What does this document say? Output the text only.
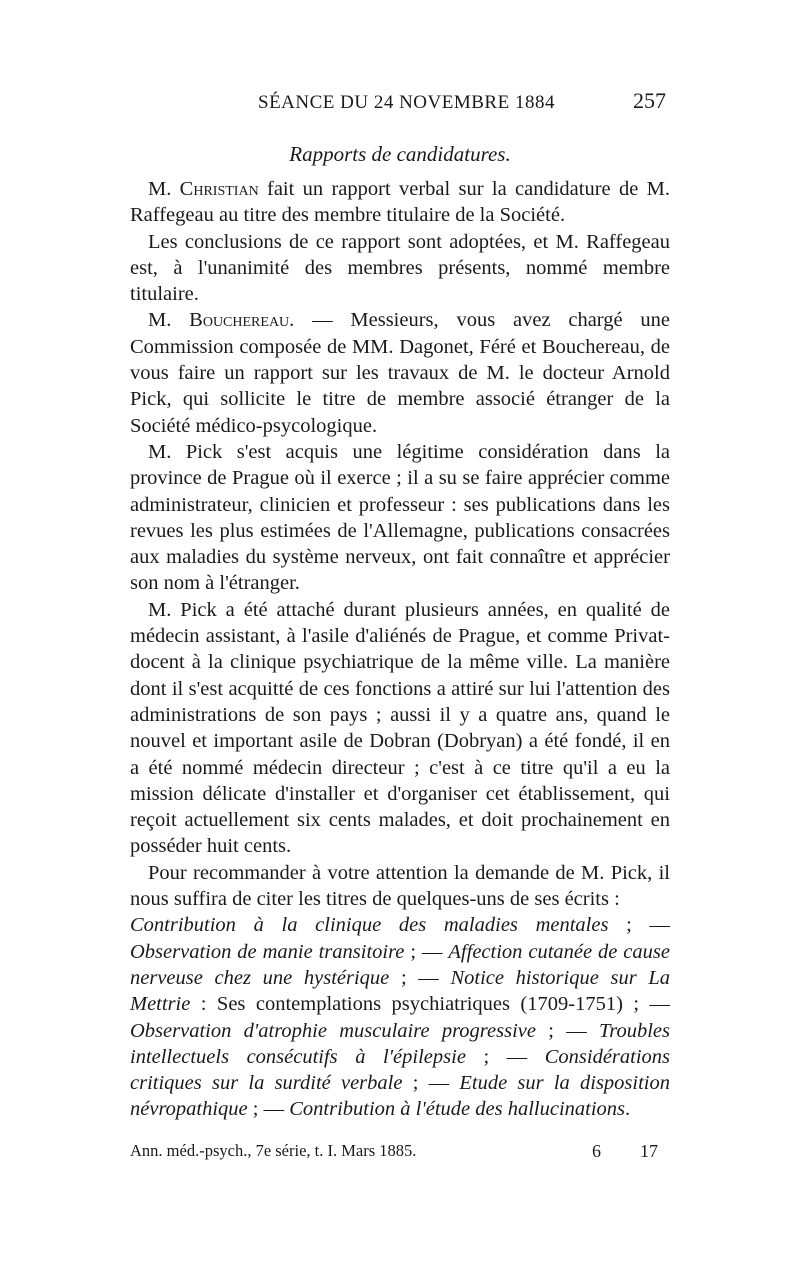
SÉANCE DU 24 NOVEMBRE 1884	257
Rapports de candidatures.

M. Christian fait un rapport verbal sur la candidature de M. Raffegeau au titre des membre titulaire de la Société.

Les conclusions de ce rapport sont adoptées, et M. Raffegeau est, à l'unanimité des membres présents, nommé membre titulaire.

M. Bouchereau. — Messieurs, vous avez chargé une Commission composée de MM. Dagonet, Féré et Bouchereau, de vous faire un rapport sur les travaux de M. le docteur Arnold Pick, qui sollicite le titre de membre associé étranger de la Société médico-psycologique.

M. Pick s'est acquis une légitime considération dans la province de Prague où il exerce ; il a su se faire apprécier comme administrateur, clinicien et professeur : ses publications dans les revues les plus estimées de l'Allemagne, publications consacrées aux maladies du système nerveux, ont fait connaître et apprécier son nom à l'étranger.

M. Pick a été attaché durant plusieurs années, en qualité de médecin assistant, à l'asile d'aliénés de Prague, et comme Privat-docent à la clinique psychiatrique de la même ville. La manière dont il s'est acquitté de ces fonctions a attiré sur lui l'attention des administrations de son pays ; aussi il y a quatre ans, quand le nouvel et important asile de Dobran (Dobryan) a été fondé, il en a été nommé médecin directeur ; c'est à ce titre qu'il a eu la mission délicate d'installer et d'organiser cet établissement, qui reçoit actuellement six cents malades, et doit prochainement en posséder huit cents.

Pour recommander à votre attention la demande de M. Pick, il nous suffira de citer les titres de quelques-uns de ses écrits :

Contribution à la clinique des maladies mentales ; — Observation de manie transitoire ; — Affection cutanée de cause nerveuse chez une hystérique ; — Notice historique sur La Mettrie : Ses contemplations psychiatriques (1709-1751) ; — Observation d'atrophie musculaire progressive ; — Troubles intellectuels consécutifs à l'épilepsie ; — Considérations critiques sur la surdité verbale ; — Etude sur la disposition névropathique ; — Contribution à l'étude des hallucinations.

Ann. méd.-psych., 7e série, t. I. Mars 1885.	6 17
